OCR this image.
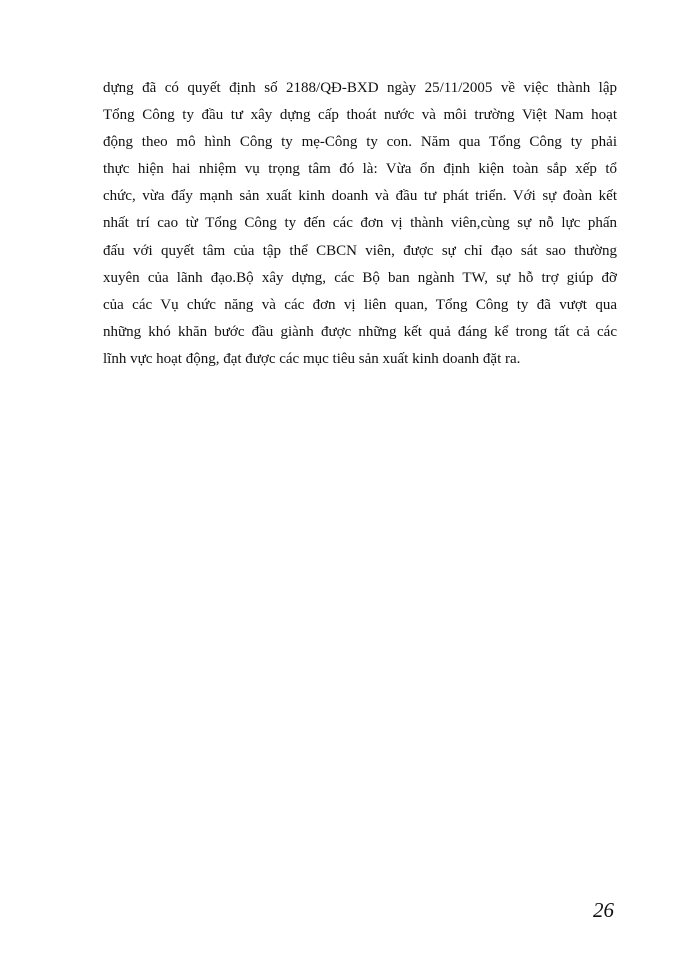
dựng đã có quyết định số 2188/QĐ-BXD ngày 25/11/2005 về việc thành lập
Tổng Công ty đầu tư xây dựng cấp thoát nước và môi trường Việt Nam hoạt
động theo mô hình Công ty mẹ-Công ty con. Năm qua Tổng Công ty phải
thực hiện hai nhiệm vụ trọng tâm đó là: Vừa ổn định kiện toàn sắp xếp tổ
chức, vừa đẩy mạnh sản xuất kinh doanh và đầu tư phát triển. Với sự đoàn kết
nhất trí cao từ Tổng Công ty đến các đơn vị thành viên,cùng sự nỗ lực phấn
đấu với quyết tâm của tập thể CBCN viên, được sự chỉ đạo sát sao thường
xuyên của lãnh đạo.Bộ xây dựng, các Bộ ban ngành TW, sự hỗ trợ giúp đỡ
của các Vụ chức năng và các đơn vị liên quan, Tổng Công ty đã vượt qua
những khó khăn bước đầu giành được những kết quả đáng kể trong tất cả các
lĩnh vực hoạt động, đạt được các mục tiêu sản xuất kinh doanh đặt ra.
26
